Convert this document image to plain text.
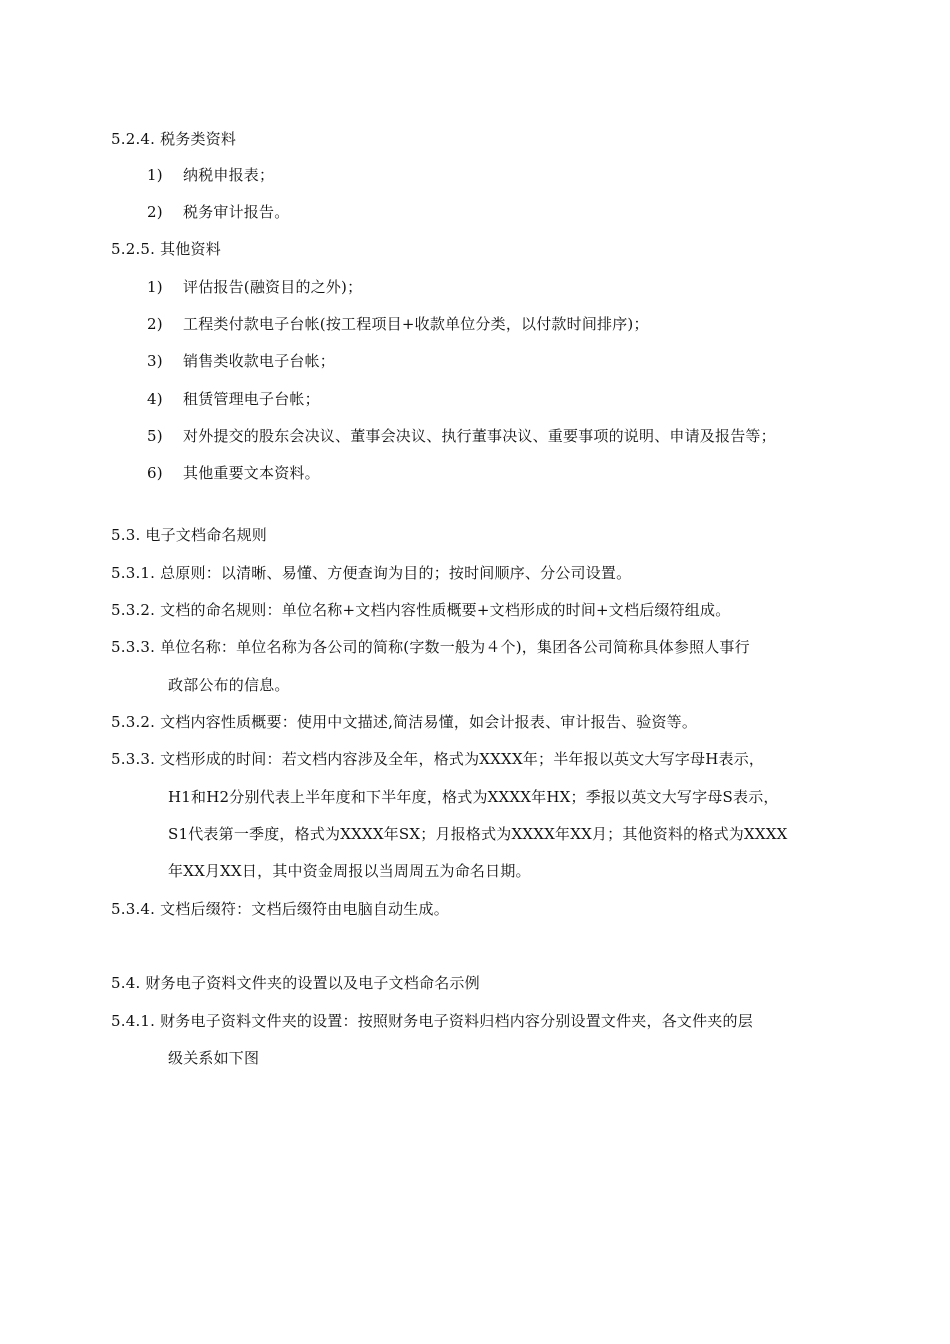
5.2.4. 税务类资料
1) 纳税申报表；
2) 税务审计报告。
5.2.5. 其他资料
1) 评估报告(融资目的之外)；
2) 工程类付款电子台帐(按工程项目+收款单位分类，以付款时间排序)；
3) 销售类收款电子台帐；
4) 租赁管理电子台帐；
5) 对外提交的股东会决议、董事会决议、执行董事决议、重要事项的说明、申请及报告等；
6) 其他重要文本资料。
5.3. 电子文档命名规则
5.3.1. 总原则：以清晰、易懂、方便查询为目的；按时间顺序、分公司设置。
5.3.2. 文档的命名规则：单位名称+文档内容性质概要+文档形成的时间+文档后缀符组成。
5.3.3. 单位名称：单位名称为各公司的简称(字数一般为４个)，集团各公司简称具体参照人事行
政部公布的信息。
5.3.2. 文档内容性质概要：使用中文描述,简洁易懂，如会计报表、审计报告、验资等。
5.3.3. 文档形成的时间：若文档内容涉及全年，格式为XXXX年；半年报以英文大写字母H表示，
H1和H2分别代表上半年度和下半年度，格式为XXXX年HX；季报以英文大写字母S表示，
S1代表第一季度，格式为XXXX年SX；月报格式为XXXX年XX月；其他资料的格式为XXXX
年XX月XX日，其中资金周报以当周周五为命名日期。
5.3.4. 文档后缀符：文档后缀符由电脑自动生成。
5.4. 财务电子资料文件夹的设置以及电子文档命名示例
5.4.1. 财务电子资料文件夹的设置：按照财务电子资料归档内容分别设置文件夹，各文件夹的层
级关系如下图
